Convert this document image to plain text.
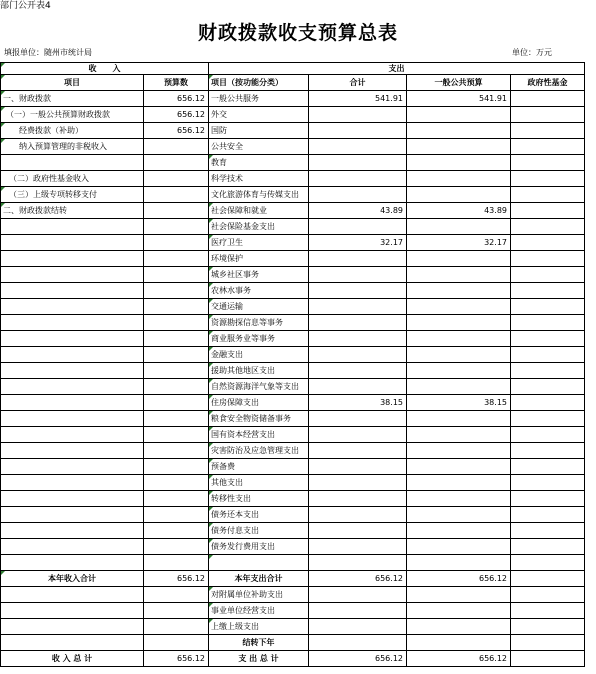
部门公开表4
财政拨款收支预算总表
填报单位：随州市统计局	单位：万元
收　　入		支出			
项目	预算数	项目（按功能分类）	合计	一般公共预算	政府性基金
一、财政拨款	656.12	一般公共服务	541.91	541.91	
（一）一般公共预算财政拨款	656.12	外交			
经费拨款（补助）	656.12	国防			
纳入预算管理的非税收入		公共安全			
		教育

（二）政府性基金收入		科学技术			
（三）上级专项转移支付		文化旅游体育与传媒支出			
二、财政拨款结转		社会保障和就业	43.89	43.89	
		社会保险基金支出

		医疗卫生	32.17	32.17	
		环境保护			
		城乡社区事务

		农林水事务

		交通运输

		资源勘探信息等事务

		商业服务业等事务

		金融支出

		援助其他地区支出

		自然资源海洋气象等支出

		住房保障支出	38.15	38.15	
		粮食安全物资储备事务

		国有资本经营支出

		灾害防治及应急管理支出

		预备费

		其他支出

		转移性支出

		债务还本支出

		债务付息支出

		债务发行费用支出

本年收入合计	656.12	本年支出合计	656.12	656.12	
		对附属单位补助支出

		事业单位经营支出

		上缴上级支出

		结转下年			
收 入 总 计	656.12	支 出 总 计	656.12	656.12	
